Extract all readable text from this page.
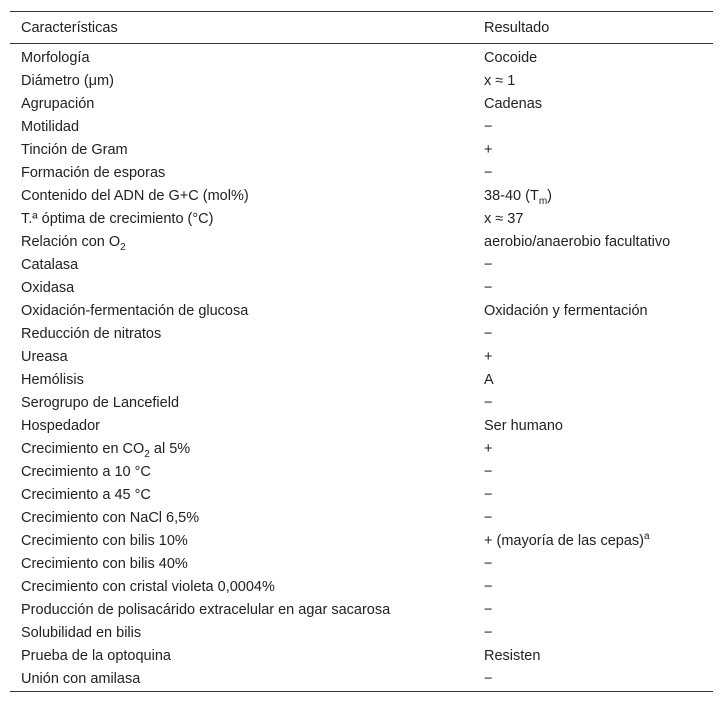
Características	Resultado
Morfología	Cocoide
Diámetro (μm)	x ≈ 1
Agrupación	Cadenas
Motilidad	−
Tinción de Gram	+
Formación de esporas	−
Contenido del ADN de G+C (mol%)	38-40 $(T_m)$
T.ª óptima de crecimiento (°C)	x ≈ 37
Relación con $O_2$	aerobio/anaerobio facultativo
Catalasa	−
Oxidasa	−
Oxidación-fermentación de glucosa	Oxidación y fermentación
Reducción de nitratos	−
Ureasa	+
Hemólisis	A
Serogrupo de Lancefield	−
Hospedador	Ser humano
Crecimiento en $CO_2$ al 5%	+
Crecimiento a 10 °C	−
Crecimiento a 45 °C	−
Crecimiento con NaCl 6,5%	−
Crecimiento con bilis 10%	+ (mayoría de las cepas)$^a$
Crecimiento con bilis 40%	−
Crecimiento con cristal violeta 0,0004%	−
Producción de polisacárido extracelular en agar sacarosa	−
Solubilidad en bilis	−
Prueba de la optoquina	Resisten
Unión con amilasa	−
